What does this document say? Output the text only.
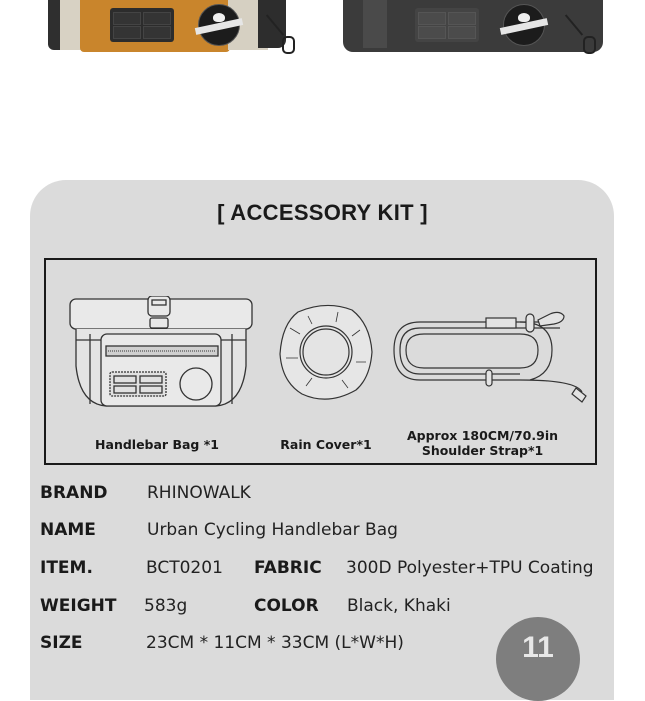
[ ACCESSORY KIT ]
Handlebar Bag *1	Rain Cover*1
Approx 180CM/70.9in
Shoulder Strap*1
BRAND RHINOWALK
NAME	Urban Cycling Handlebar Bag
ITEM.	BCT0201 FABRIC 300D Polyester+TPU Coating
WEIGHT 583g	COLOR Black, Khaki
SIZE	23CM * 11CM * 33CM (L*W*H)	11
